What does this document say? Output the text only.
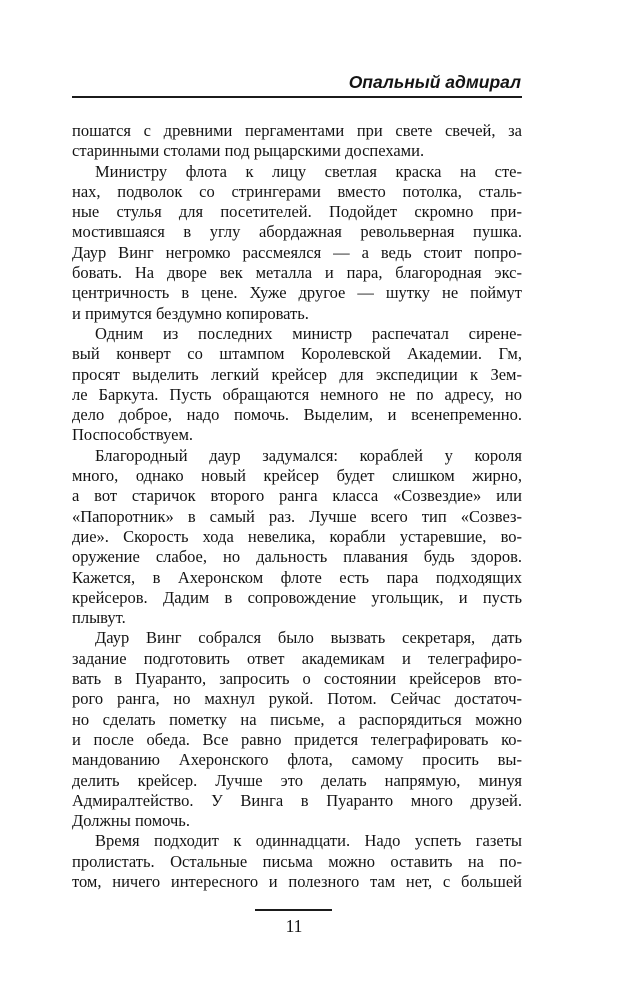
Опальный адмирал
пошатся с древними пергаментами при свете свечей, за
старинными столами под рыцарскими доспехами.
Министру флота к лицу светлая краска на сте-
нах, подволок со стрингерами вместо потолка, сталь-
ные стулья для посетителей. Подойдет скромно при-
мостившаяся в углу абордажная револьверная пушка.
Даур Винг негромко рассмеялся — а ведь стоит попро-
бовать. На дворе век металла и пара, благородная экс-
центричность в цене. Хуже другое — шутку не поймут
и примутся бездумно копировать.
Одним из последних министр распечатал сирене-
вый конверт со штампом Королевской Академии. Гм,
просят выделить легкий крейсер для экспедиции к Зем-
ле Баркута. Пусть обращаются немного не по адресу, но
дело доброе, надо помочь. Выделим, и всенепременно.
Поспособствуем.
Благородный даур задумался: кораблей у короля
много, однако новый крейсер будет слишком жирно,
а вот старичок второго ранга класса «Созвездие» или
«Папоротник» в самый раз. Лучше всего тип «Созвез-
дие». Скорость хода невелика, корабли устаревшие, во-
оружение слабое, но дальность плавания будь здоров.
Кажется, в Ахеронском флоте есть пара подходящих
крейсеров. Дадим в сопровождение угольщик, и пусть
плывут.
Даур Винг собрался было вызвать секретаря, дать
задание подготовить ответ академикам и телеграфиро-
вать в Пуаранто, запросить о состоянии крейсеров вто-
рого ранга, но махнул рукой. Потом. Сейчас достаточ-
но сделать пометку на письме, а распорядиться можно
и после обеда. Все равно придется телеграфировать ко-
мандованию Ахеронского флота, самому просить вы-
делить крейсер. Лучше это делать напрямую, минуя
Адмиралтейство. У Винга в Пуаранто много друзей.
Должны помочь.
Время подходит к одиннадцати. Надо успеть газеты
пролистать. Остальные письма можно оставить на по-
том, ничего интересного и полезного там нет, с большей
11
